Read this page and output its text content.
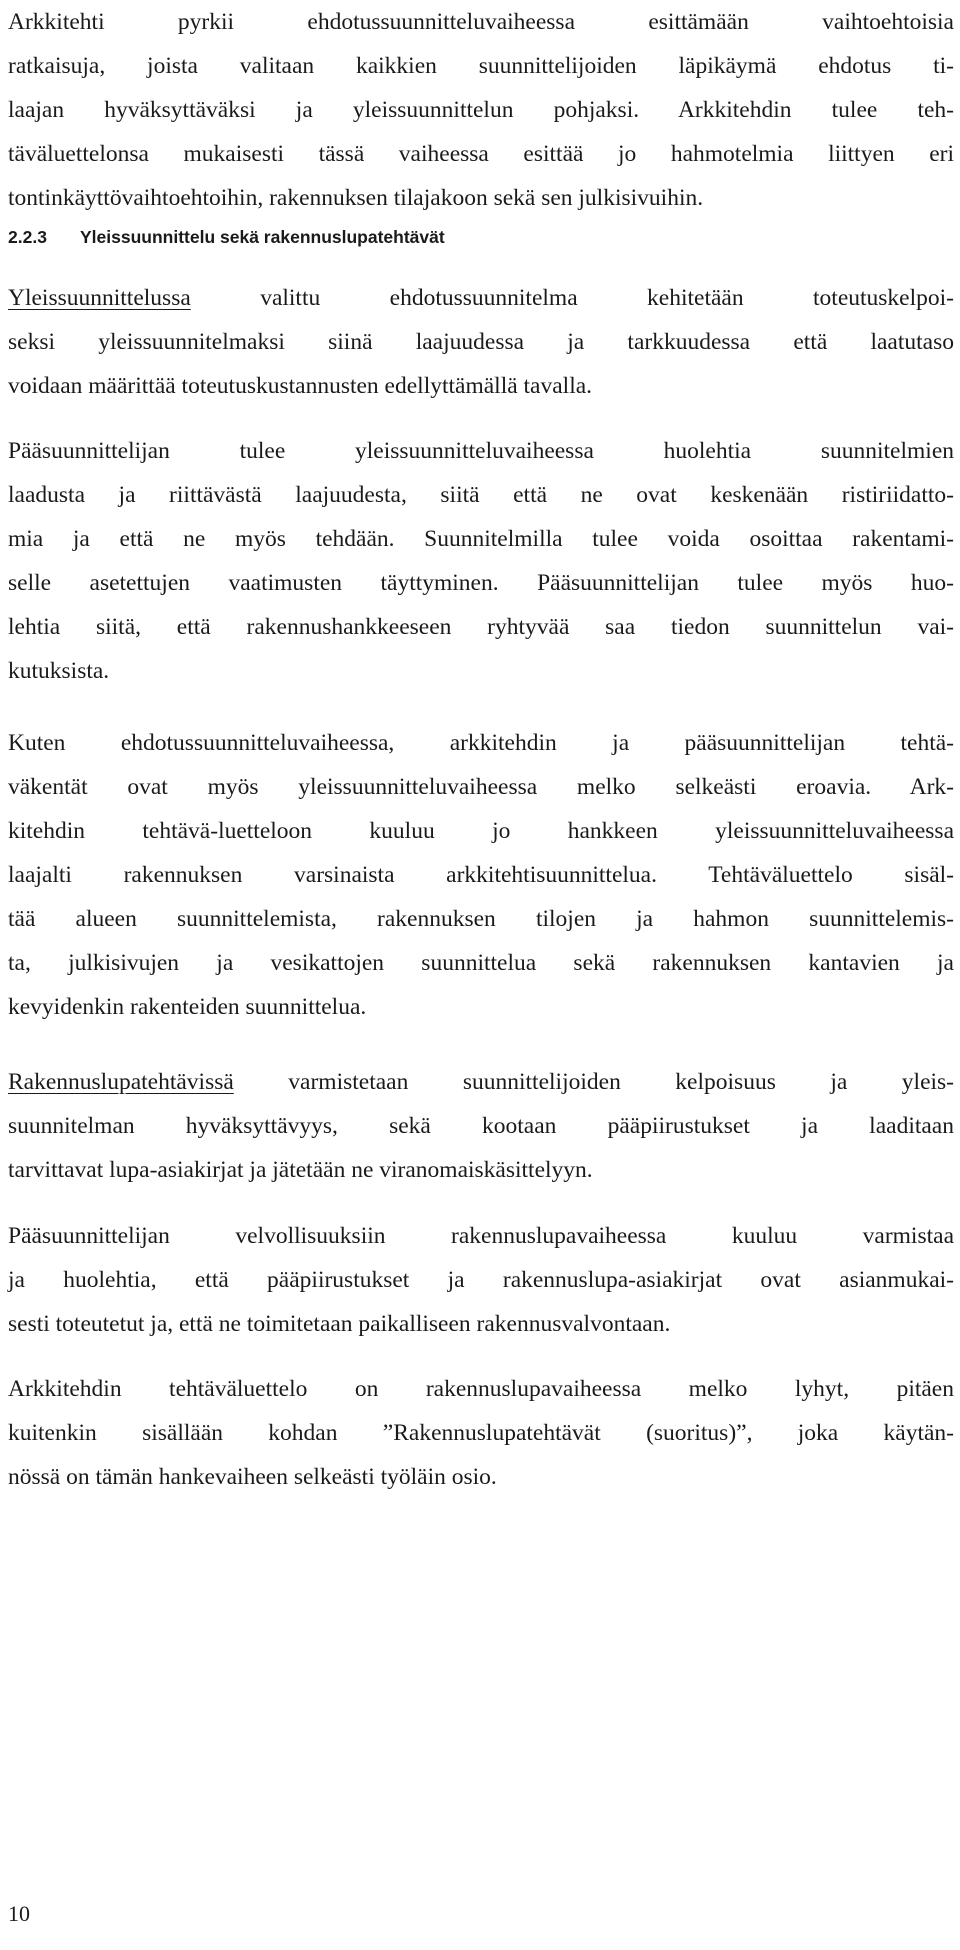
Arkkitehti pyrkii ehdotussuunnitteluvaiheessa esittämään vaihtoehtoisia
ratkaisuja, joista valitaan kaikkien suunnittelijoiden läpikäymä ehdotus ti-
laajan hyväksyttäväksi ja yleissuunnittelun pohjaksi. Arkkitehdin tulee teh-
täväluettelonsa mukaisesti tässä vaiheessa esittää jo hahmotelmia liittyen eri
tontinkäyttövaihtoehtoihin, rakennuksen tilajakoon sekä sen julkisivuihin.

2.2.3 Yleissuunnittelu sekä rakennuslupatehtävät

Yleissuunnittelussa valittu ehdotussuunnitelma kehitetään toteutuskelpoi-
seksi yleissuunnitelmaksi siinä laajuudessa ja tarkkuudessa että laatutaso
voidaan määrittää toteutuskustannusten edellyttämällä tavalla.

Pääsuunnittelijan tulee yleissuunnitteluvaiheessa huolehtia suunnitelmien
laadusta ja riittävästä laajuudesta, siitä että ne ovat keskenään ristiriidatto-
mia ja että ne myös tehdään. Suunnitelmilla tulee voida osoittaa rakentami-
selle asetettujen vaatimusten täyttyminen. Pääsuunnittelijan tulee myös huo-
lehtia siitä, että rakennushankkeeseen ryhtyvää saa tiedon suunnittelun vai-
kutuksista.

Kuten ehdotussuunnitteluvaiheessa, arkkitehdin ja pääsuunnittelijan tehtä-
väkentät ovat myös yleissuunnitteluvaiheessa melko selkeästi eroavia. Ark-
kitehdin tehtävä-luetteloon kuuluu jo hankkeen yleissuunnitteluvaiheessa
laajalti rakennuksen varsinaista arkkitehtisuunnittelua. Tehtäväluettelo sisäl-
tää alueen suunnittelemista, rakennuksen tilojen ja hahmon suunnittelemis-
ta, julkisivujen ja vesikattojen suunnittelua sekä rakennuksen kantavien ja
kevyidenkin rakenteiden suunnittelua.

Rakennuslupatehtävissä varmistetaan suunnittelijoiden kelpoisuus ja yleis-
suunnitelman hyväksyttävyys, sekä kootaan pääpiirustukset ja laaditaan
tarvittavat lupa-asiakirjat ja jätetään ne viranomaiskäsittelyyn.

Pääsuunnittelijan velvollisuuksiin rakennuslupavaiheessa kuuluu varmistaa
ja huolehtia, että pääpiirustukset ja rakennuslupa-asiakirjat ovat asianmukai-
sesti toteutetut ja, että ne toimitetaan paikalliseen rakennusvalvontaan.

Arkkitehdin tehtäväluettelo on rakennuslupavaiheessa melko lyhyt, pitäen
kuitenkin sisällään kohdan ”Rakennuslupatehtävät (suoritus)”, joka käytän-
nössä on tämän hankevaiheen selkeästi työläin osio.

10
